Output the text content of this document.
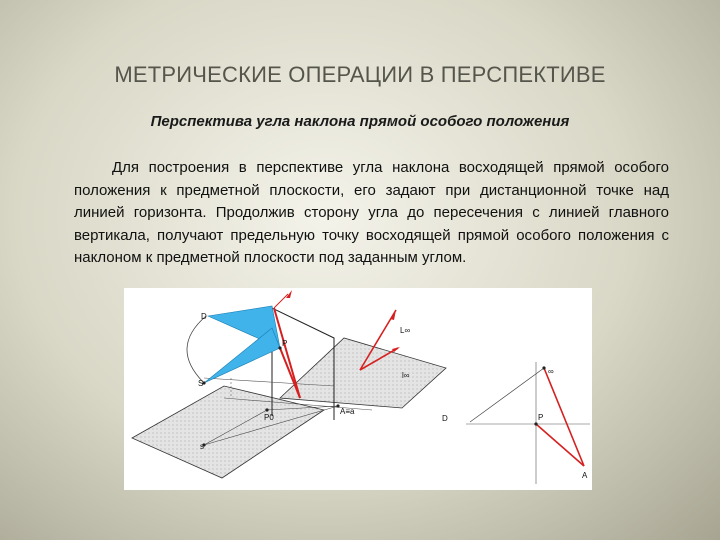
МЕТРИЧЕСКИЕ ОПЕРАЦИИ В ПЕРСПЕКТИВЕ
Перспектива угла наклона прямой особого положения

Для построения в перспективе угла наклона восходящей прямой особого положения к предметной плоскости, его задают при дистанционной точке над линией горизонта. Продолжив сторону угла до пересечения с линией главного вертикала, получают предельную точку восходящей прямой особого положения с наклоном к предметной плоскости под заданным углом.

D
S
P
L∞
l∞
P0
A≡a
s
D
∞
P
A
